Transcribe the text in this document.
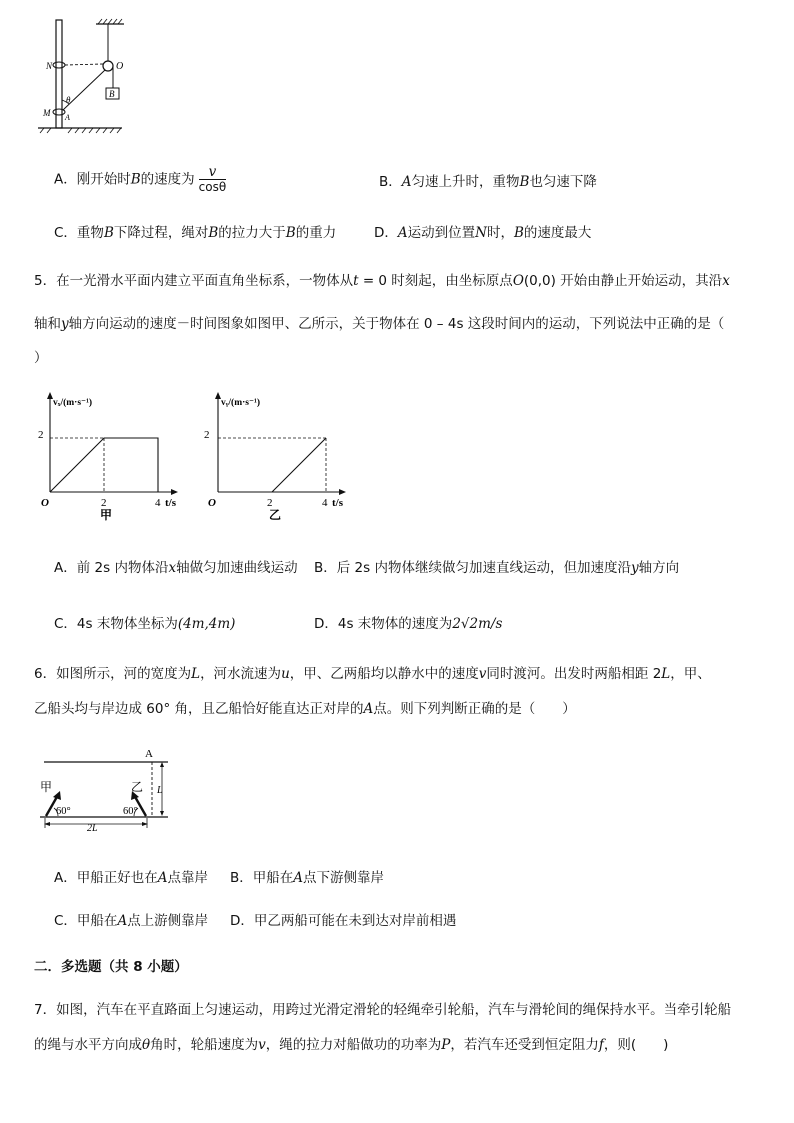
N	O
B
θ
M A
A．刚开始时B的速度为 $\frac{v}{\cos\theta}$	B．A匀速上升时，重物B也匀速下降
C．重物B下降过程，绳对B的拉力大于B的重力	D．A运动到位置N时，B的速度最大
5．在一光滑水平面内建立平面直角坐标系，一物体从t = 0 时刻起，由坐标原点O(0,0) 开始由静止开始运动，其沿x
轴和y轴方向运动的速度－时间图象如图甲、乙所示，关于物体在 0 – 4s 这段时间内的运动，下列说法中正确的是（
）
vₓ/(m·s⁻¹)
2
O	2	4 t/s
甲
vᵧ/(m·s⁻¹)
2
O	2	4 t/s
乙
A．前 2s 内物体沿x轴做匀加速曲线运动 B．后 2s 内物体继续做匀加速直线运动，但加速度沿y轴方向
C．4s 末物体坐标为(4m,4m)	D．4s 末物体的速度为2√2m/s
6．如图所示，河的宽度为L，河水流速为u，甲、乙两船均以静水中的速度v同时渡河。出发时两船相距 2L，甲、
乙船头均与岸边成 60° 角，且乙船恰好能直达正对岸的A点。则下列判断正确的是（　　）
A
甲	乙
60°	60°
L
2L
A．甲船正好也在A点靠岸 B．甲船在A点下游侧靠岸
C．甲船在A点上游侧靠岸 D．甲乙两船可能在未到达对岸前相遇
二．多选题（共 8 小题）
7．如图，汽车在平直路面上匀速运动，用跨过光滑定滑轮的轻绳牵引轮船，汽车与滑轮间的绳保持水平。当牵引轮船
的绳与水平方向成θ角时，轮船速度为v，绳的拉力对船做功的功率为P，若汽车还受到恒定阻力f，则(　　)
